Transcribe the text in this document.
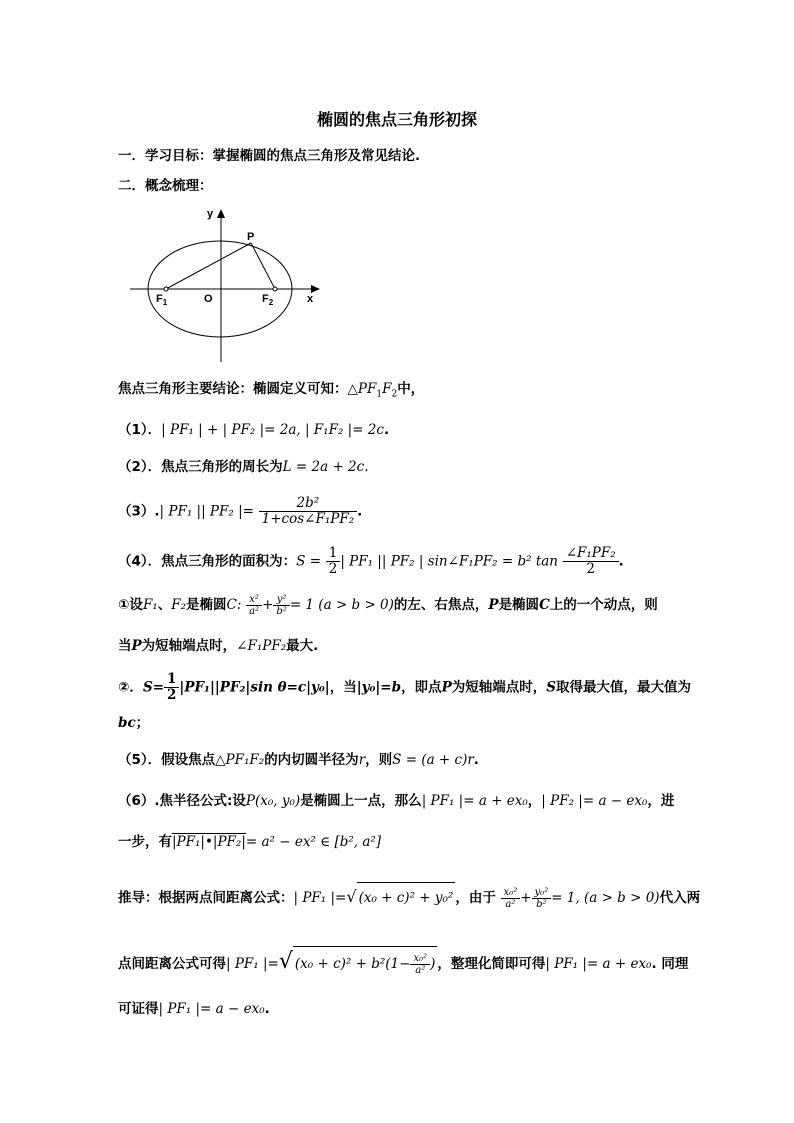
椭圆的焦点三角形初探
一．学习目标：掌握椭圆的焦点三角形及常见结论.
二．概念梳理：
y
x
P
O
$F_1$	$F_2$
焦点三角形主要结论：椭圆定义可知：$\triangle PF_1F_2$中，
（1）．| PF₁ | + | PF₂ |= 2a, | F₁F₂ |= 2c.
（2）．焦点三角形的周长为L = 2a + 2c.
（3）.| PF₁ || PF₂ |= $\frac{\text{2b²}}{\text{1+cos∠F₁PF₂}}$ .
（4）．焦点三角形的面积为：$S = \frac{1}{2}$ | PF₁ || PF₂ | sin∠F₁PF₂ = b² $\tan \frac{\text{∠F₁PF₂}}{2}$ .
①设F₁、F₂是椭圆C: $\frac{\text{x²}}{\text{a²}} + \frac{\text{y²}}{\text{b²}} = 1$ (a > b > 0)的左、右焦点，P是椭圆C上的一个动点，则
当P为短轴端点时，∠F₁PF₂最大.
②．$S= \frac{1}{2} |PF_1||PF_2|\sin$ θ=c|y₀|，当|y₀|=b，即点P为短轴端点时，S取得最大值，最大值为
bc；
（5）．假设焦点△PF₁F₂的内切圆半径为r，则S = (a + c)r.
（6）.焦半径公式:设P(x₀, y₀)是椭圆上一点，那么| PF₁ |= a + ex₀，| PF₂ |= a − ex₀，进
一步，有|PF₁|•|PF₂|= a² − ex² ∈ [b², a²]
推导：根据两点间距离公式：| PF₁ |=√ (x₀ + c)² + y₀² ，由于 $\frac{\text{x₀²}}{\text{a²}} + \frac{\text{y₀²}}{\text{b²}} = 1$, (a > b > 0)代入两
点间距离公式可得| PF₁ |=√ $(x_0 + c)^2 + b^2(1- \frac{\text{x₀²}}{\text{a²}}$ ) ，整理化简即可得| PF₁ |= a + ex₀. 同理
可证得| PF₁ |= a − ex₀.
